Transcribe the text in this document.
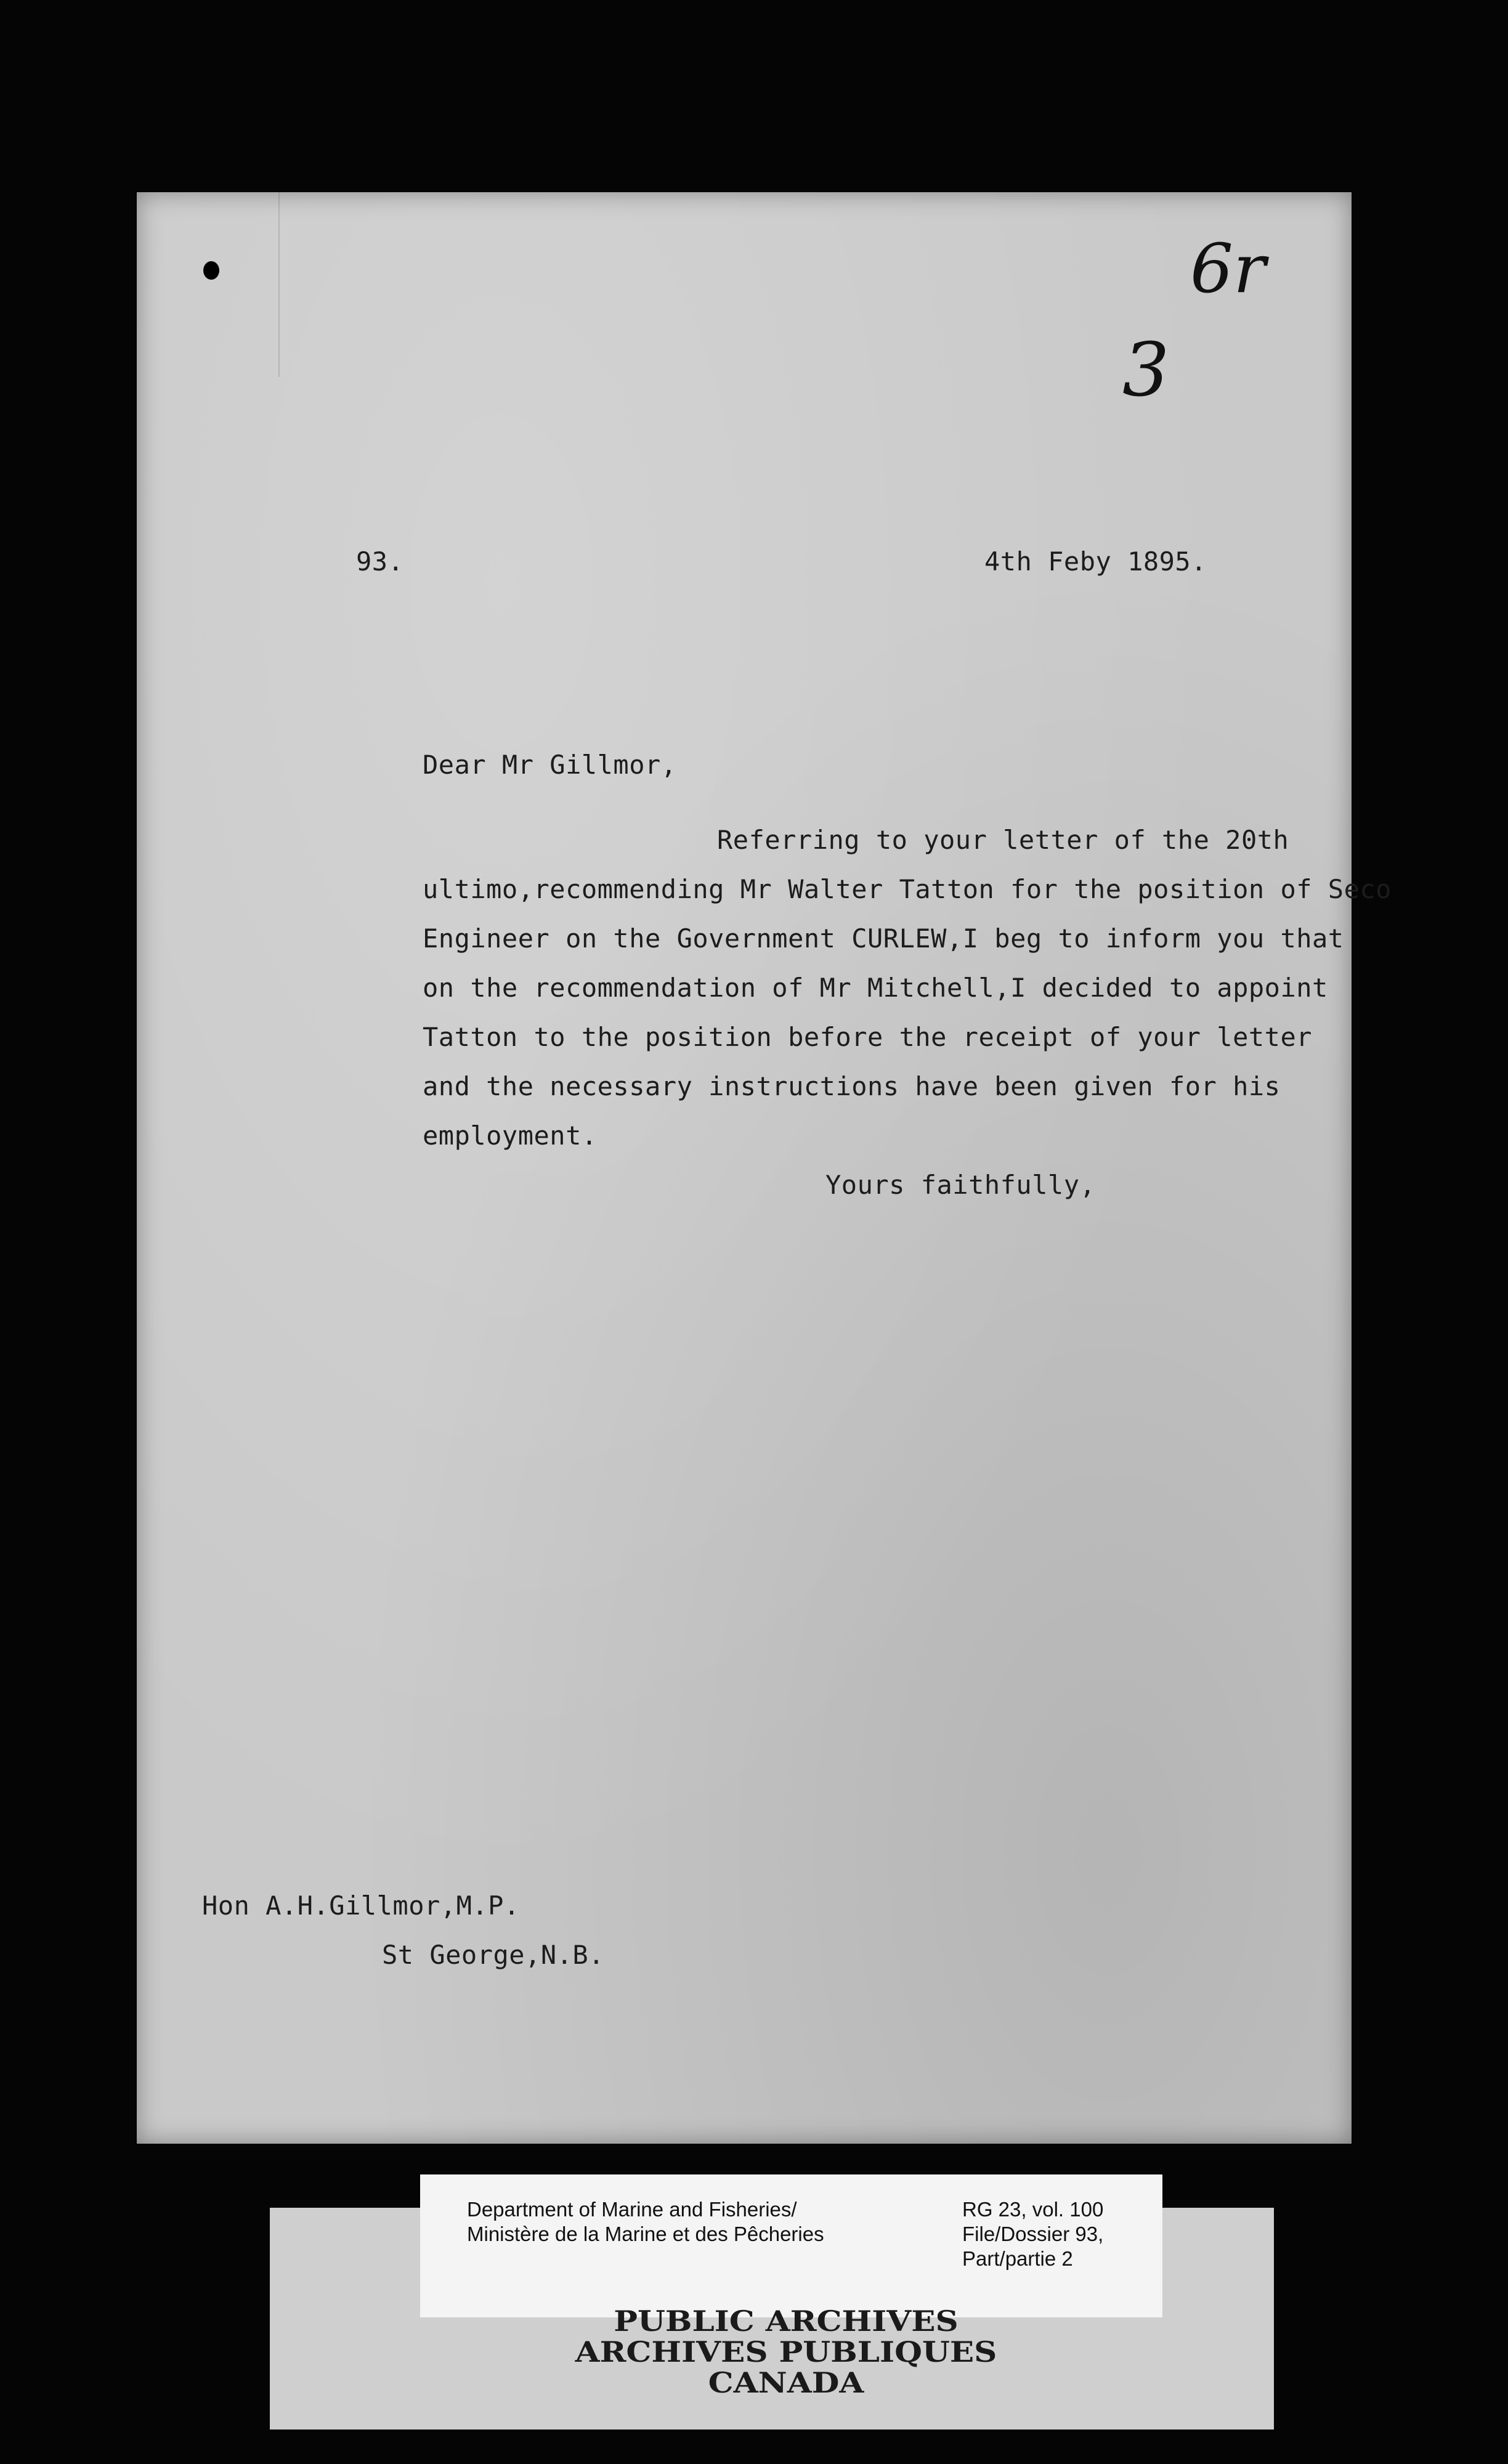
6r
3
93.	4th Feby 1895.
Dear Mr Gillmor,
Referring to your letter of the 20th
ultimo,recommending Mr Walter Tatton for the position of Seco
Engineer on the Government CURLEW,I beg to inform you that
on the recommendation of Mr Mitchell,I decided to appoint
Tatton to the position before the receipt of your letter
and the necessary instructions have been given for his
employment.
Yours faithfully,
Hon A.H.Gillmor,M.P.
St George,N.B.
Department of Marine and Fisheries/
Ministère de la Marine et des Pêcheries
RG 23, vol. 100
File/Dossier 93,
Part/partie 2
PUBLIC ARCHIVES
ARCHIVES PUBLIQUES
CANADA
